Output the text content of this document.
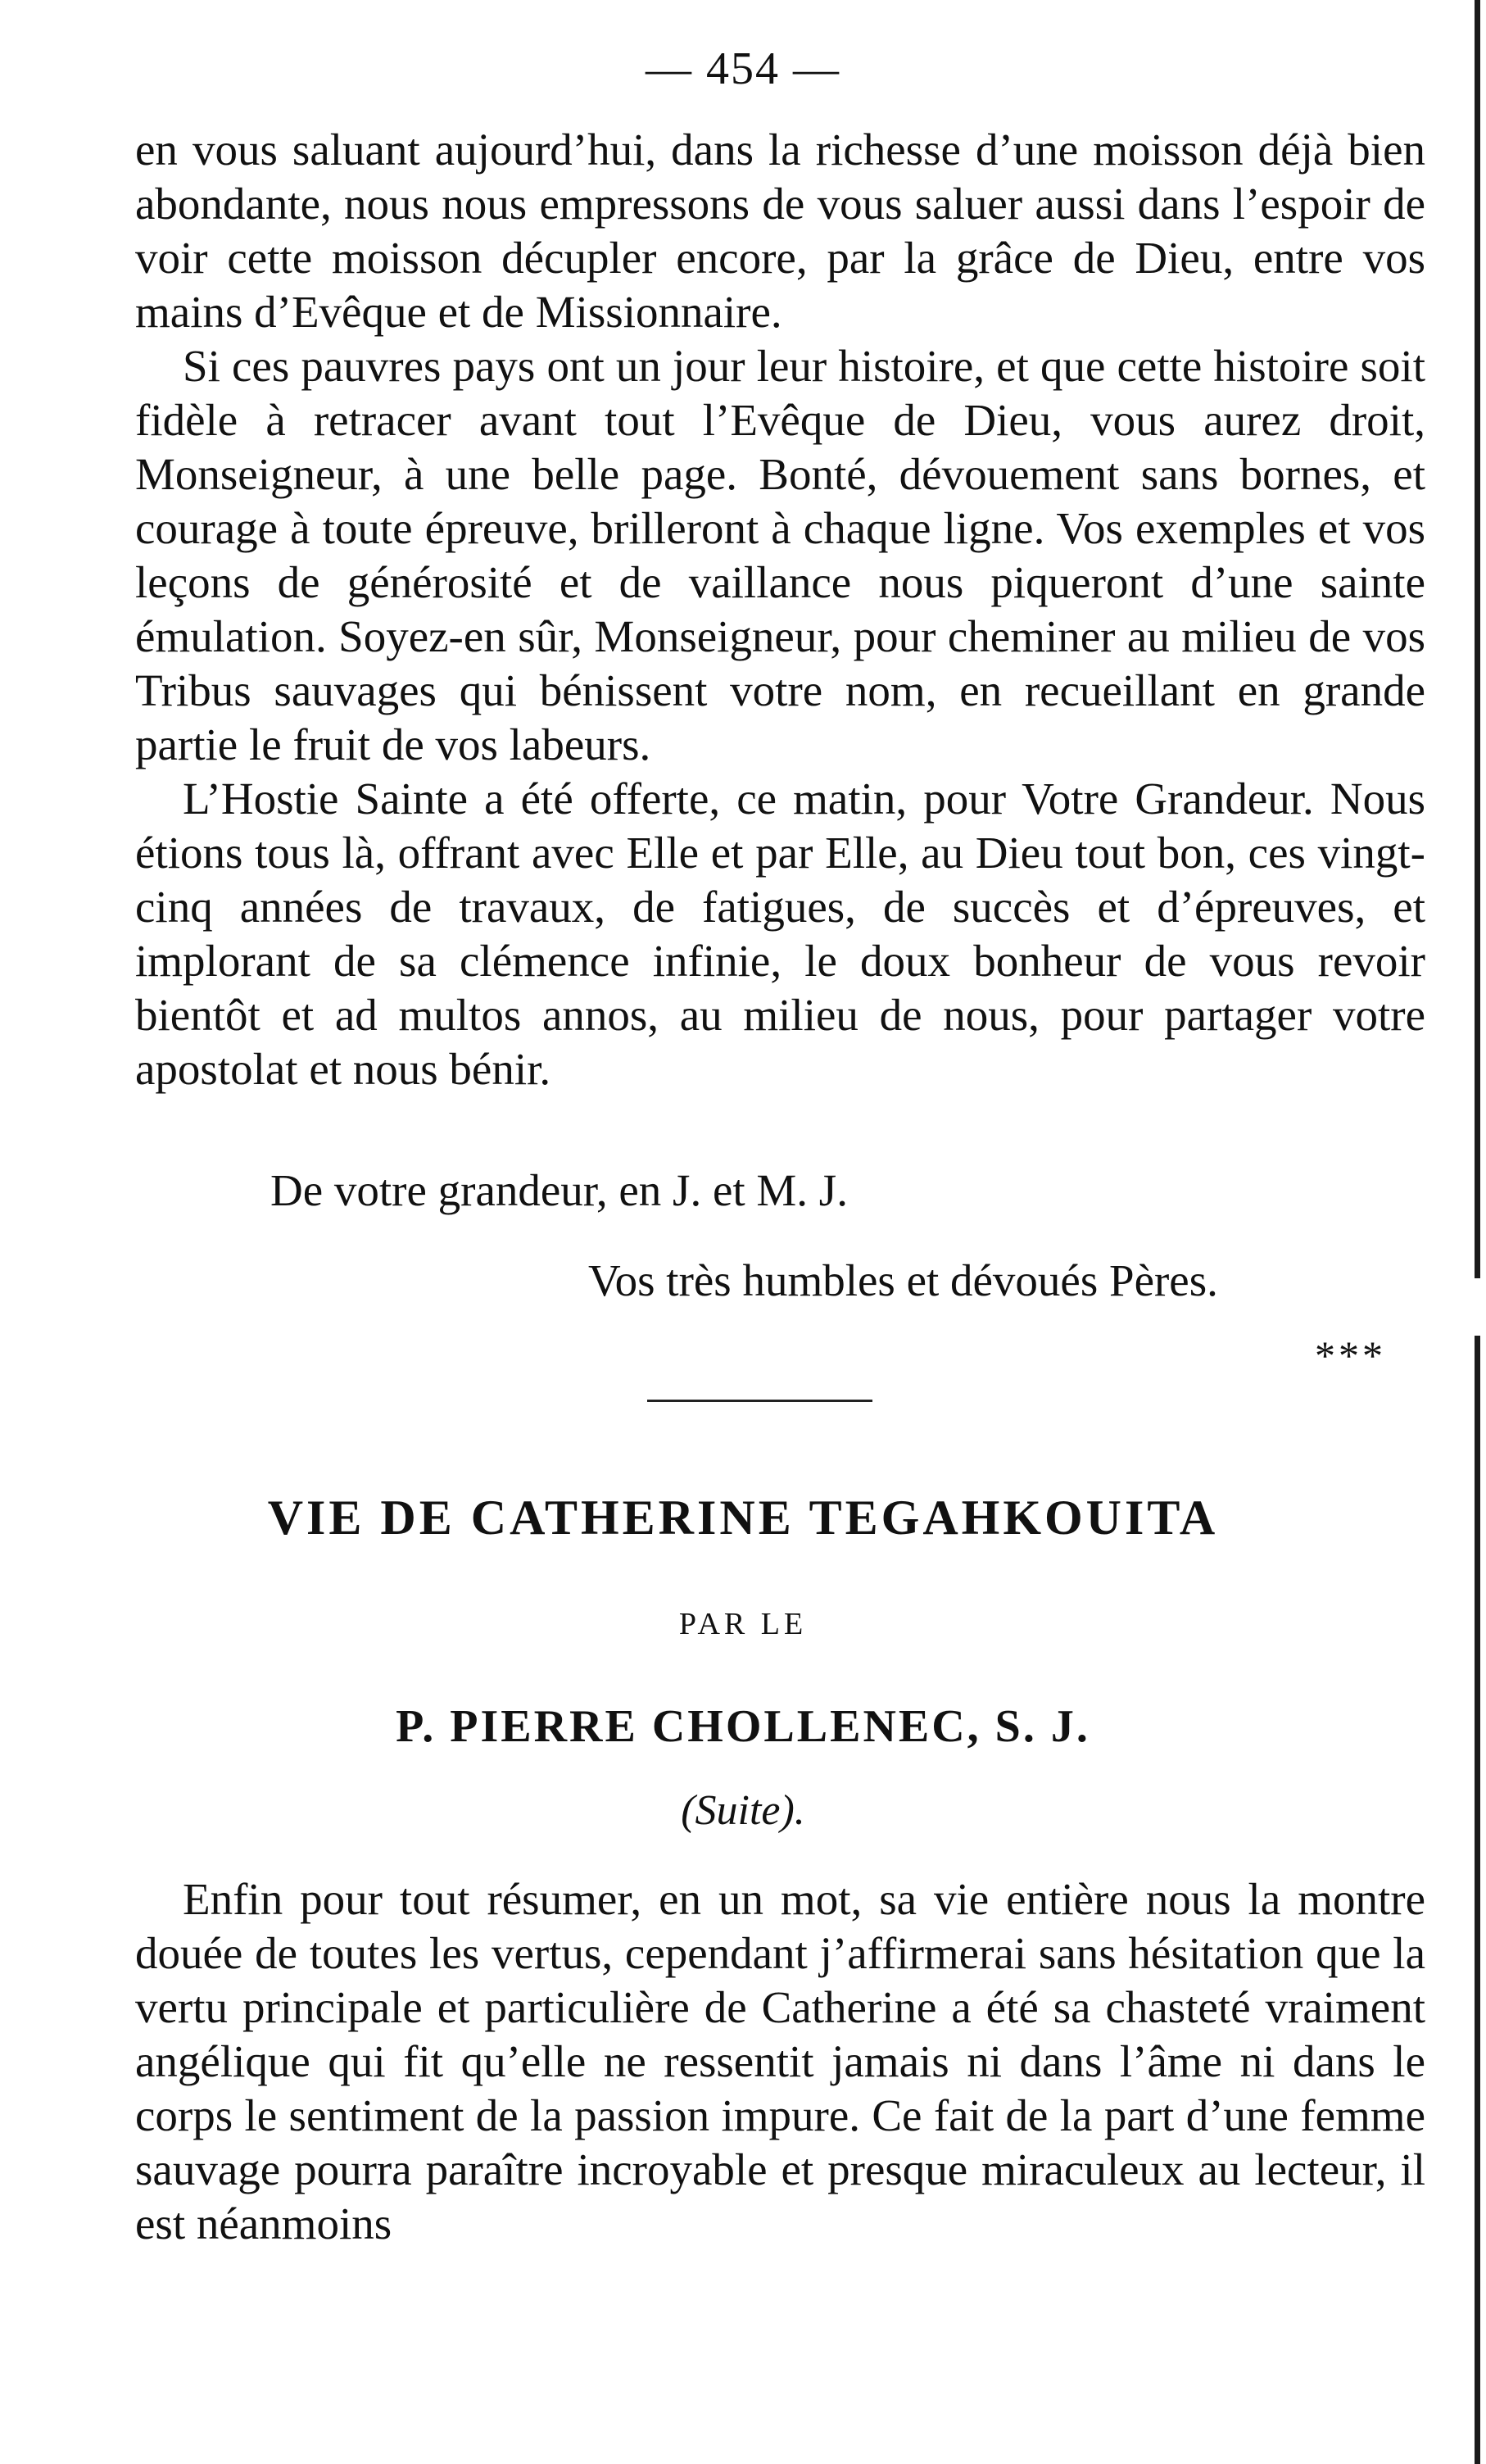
— 454 —

en vous saluant aujourd’hui, dans la richesse d’une moisson déjà bien abondante, nous nous empressons de vous saluer aussi dans l’espoir de voir cette moisson décupler encore, par la grâce de Dieu, entre vos mains d’Evêque et de Missionnaire.

Si ces pauvres pays ont un jour leur histoire, et que cette histoire soit fidèle à retracer avant tout l’Evêque de Dieu, vous aurez droit, Monseigneur, à une belle page. Bonté, dévouement sans bornes, et courage à toute épreuve, brilleront à chaque ligne. Vos exemples et vos leçons de générosité et de vaillance nous piqueront d’une sainte émulation. Soyez-en sûr, Monseigneur, pour cheminer au milieu de vos Tribus sauvages qui bénissent votre nom, en recueillant en grande partie le fruit de vos labeurs.

L’Hostie Sainte a été offerte, ce matin, pour Votre Grandeur. Nous étions tous là, offrant avec Elle et par Elle, au Dieu tout bon, ces vingt-cinq années de travaux, de fatigues, de succès et d’épreuves, et implorant de sa clémence infinie, le doux bonheur de vous revoir bientôt et ad multos annos, au milieu de nous, pour partager votre apostolat et nous bénir.

De votre grandeur, en J. et M. J.
Vos très humbles et dévoués Pères.
***
VIE DE CATHERINE TEGAHKOUITA
PAR LE
P. PIERRE CHOLLENEC, S. J.
(Suite).

Enfin pour tout résumer, en un mot, sa vie entière nous la montre douée de toutes les vertus, cependant j’affirmerai sans hésitation que la vertu principale et particulière de Catherine a été sa chasteté vraiment angélique qui fit qu’elle ne ressentit jamais ni dans l’âme ni dans le corps le sentiment de la passion impure. Ce fait de la part d’une femme sauvage pourra paraître incroyable et presque miraculeux au lecteur, il est néanmoins
